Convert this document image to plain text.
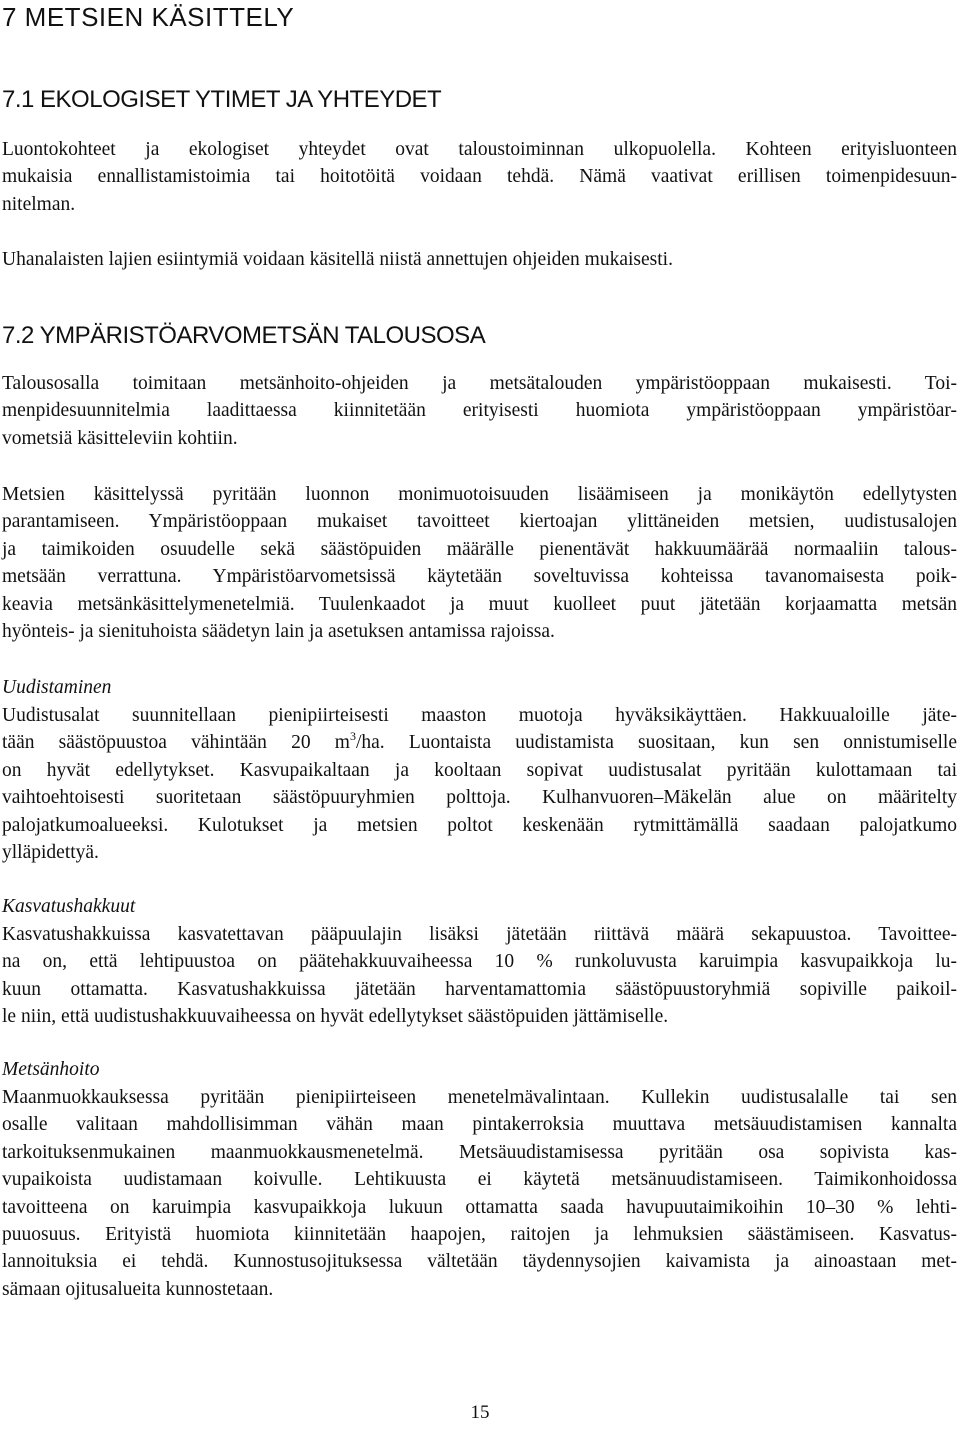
7 METSIEN KÄSITTELY
7.1 EKOLOGISET YTIMET JA YHTEYDET

Luontokohteet ja ekologiset yhteydet ovat taloustoiminnan ulkopuolella. Kohteen erityisluonteen
mukaisia ennallistamistoimia tai hoitotöitä voidaan tehdä. Nämä vaativat erillisen toimenpidesuun-
nitelman.

Uhanalaisten lajien esiintymiä voidaan käsitellä niistä annettujen ohjeiden mukaisesti.

7.2 YMPÄRISTÖARVOMETSÄN TALOUSOSA

Talousosalla toimitaan metsänhoito-ohjeiden ja metsätalouden ympäristöoppaan mukaisesti. Toi-
menpidesuunnitelmia laadittaessa kiinnitetään erityisesti huomiota ympäristöoppaan ympäristöar-
vometsiä käsitteleviin kohtiin.

Metsien käsittelyssä pyritään luonnon monimuotoisuuden lisäämiseen ja monikäytön edellytysten
parantamiseen. Ympäristöoppaan mukaiset tavoitteet kiertoajan ylittäneiden metsien, uudistusalojen
ja taimikoiden osuudelle sekä säästöpuiden määrälle pienentävät hakkuumäärää normaaliin talous-
metsään verrattuna. Ympäristöarvometsissä käytetään soveltuvissa kohteissa tavanomaisesta poik-
keavia metsänkäsittelymenetelmiä. Tuulenkaadot ja muut kuolleet puut jätetään korjaamatta metsän
hyönteis- ja sienituhoista säädetyn lain ja asetuksen antamissa rajoissa.

Uudistaminen

Uudistusalat suunnitellaan pienipiirteisesti maaston muotoja hyväksikäyttäen. Hakkuualoille jäte-
tään säästöpuustoa vähintään 20 $m^3/ha$. Luontaista uudistamista suositaan, kun sen onnistumiselle
on hyvät edellytykset. Kasvupaikaltaan ja kooltaan sopivat uudistusalat pyritään kulottamaan tai
vaihtoehtoisesti suoritetaan säästöpuuryhmien polttoja. Kulhanvuoren–Mäkelän alue on määritelty
palojatkumoalueeksi. Kulotukset ja metsien poltot keskenään rytmittämällä saadaan palojatkumo
ylläpidettyä.

Kasvatushakkuut

Kasvatushakkuissa kasvatettavan pääpuulajin lisäksi jätetään riittävä määrä sekapuustoa. Tavoittee-
na on, että lehtipuustoa on päätehakkuuvaiheessa 10 % runkoluvusta karuimpia kasvupaikkoja lu-
kuun ottamatta. Kasvatushakkuissa jätetään harventamattomia säästöpuustoryhmiä sopiville paikoil-
le niin, että uudistushakkuuvaiheessa on hyvät edellytykset säästöpuiden jättämiselle.

Metsänhoito

Maanmuokkauksessa pyritään pienipiirteiseen menetelmävalintaan. Kullekin uudistusalalle tai sen
osalle valitaan mahdollisimman vähän maan pintakerroksia muuttava metsäuudistamisen kannalta
tarkoituksenmukainen maanmuokkausmenetelmä. Metsäuudistamisessa pyritään osa sopivista kas-
vupaikoista uudistamaan koivulle. Lehtikuusta ei käytetä metsänuudistamiseen. Taimikonhoidossa
tavoitteena on karuimpia kasvupaikkoja lukuun ottamatta saada havupuutaimikoihin 10–30 % lehti-
puuosuus. Erityistä huomiota kiinnitetään haapojen, raitojen ja lehmuksien säästämiseen. Kasvatus-
lannoituksia ei tehdä. Kunnostusojituksessa vältetään täydennysojien kaivamista ja ainoastaan met-
sämaan ojitusalueita kunnostetaan.

15
